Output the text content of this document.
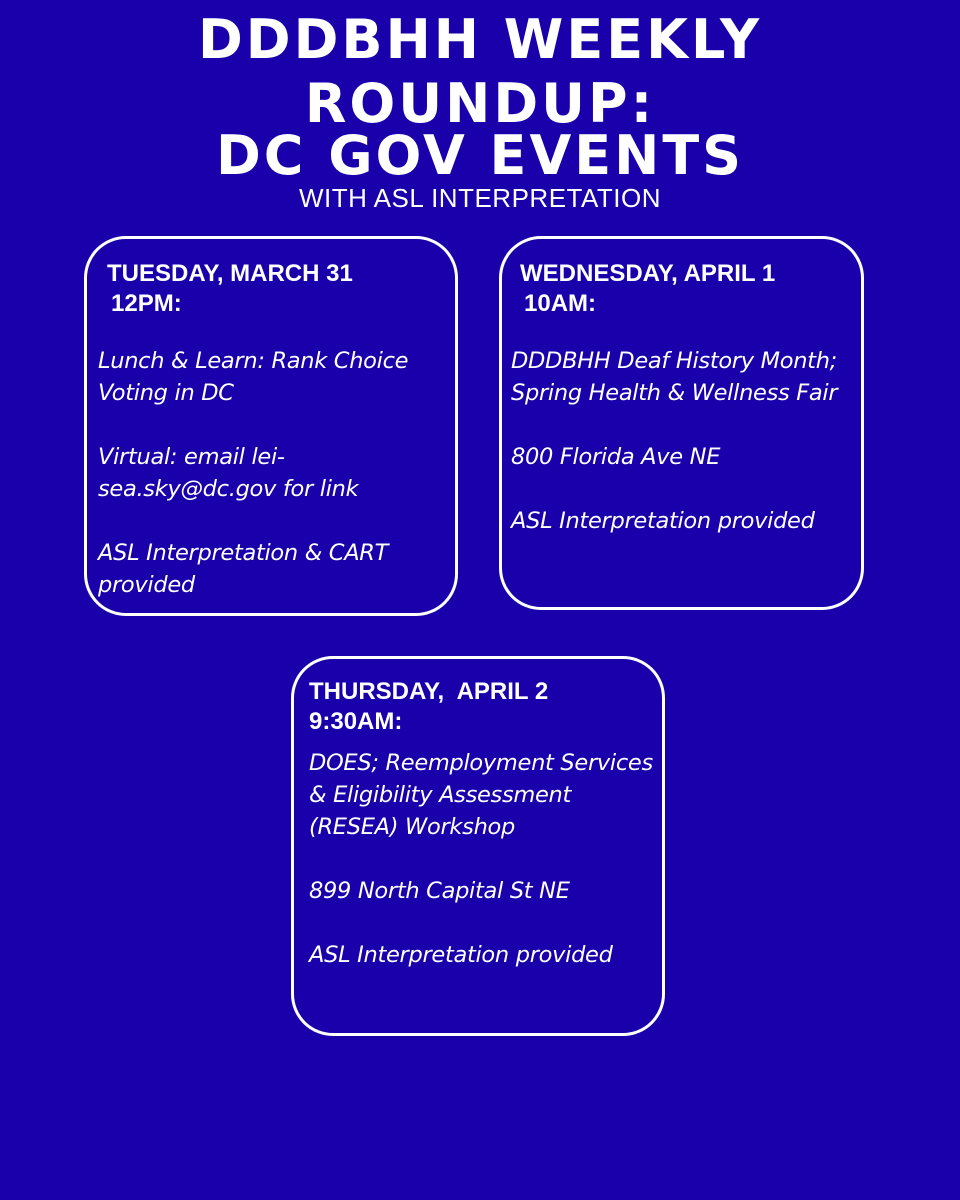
DDDBHH WEEKLY
ROUNDUP:
DC GOV EVENTS
WITH ASL INTERPRETATION
TUESDAY, MARCH 31
12PM:

Lunch & Learn: Rank Choice Voting in DC

Virtual: email lei-sea.sky@dc.gov for link

ASL Interpretation & CART provided

WEDNESDAY, APRIL 1
10AM:

DDDBHH Deaf History Month; Spring Health & Wellness Fair

800 Florida Ave NE

ASL Interpretation provided

THURSDAY,  APRIL 2
9:30AM:

DOES; Reemployment Services & Eligibility Assessment (RESEA) Workshop

899 North Capital St NE

ASL Interpretation provided
